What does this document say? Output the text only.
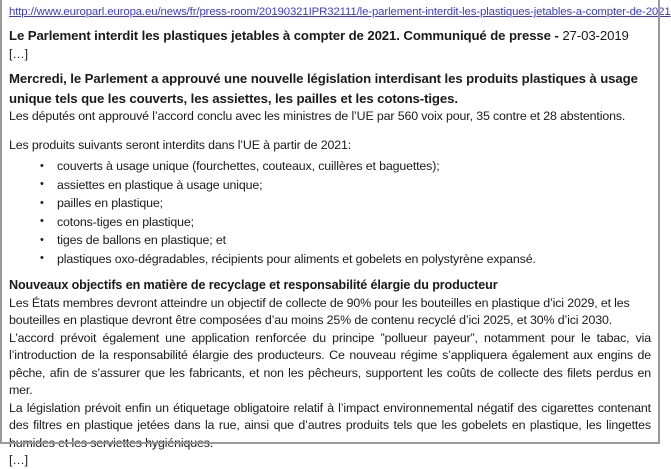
http://www.europarl.europa.eu/news/fr/press-room/20190321IPR32111/le-parlement-interdit-les-plastiques-jetables-a-compter-de-2021
Le Parlement interdit les plastiques jetables à compter de 2021. Communiqué de presse - 27-03-2019
[…]
Mercredi, le Parlement a approuvé une nouvelle législation interdisant les produits plastiques à usage unique tels que les couverts, les assiettes, les pailles et les cotons-tiges.
Les députés ont approuvé l’accord conclu avec les ministres de l’UE par 560 voix pour, 35 contre et 28 abstentions.
Les produits suivants seront interdits dans l’UE à partir de 2021:
• couverts à usage unique (fourchettes, couteaux, cuillères et baguettes);
• assiettes en plastique à usage unique;
• pailles en plastique;
• cotons-tiges en plastique;
• tiges de ballons en plastique; et
• plastiques oxo-dégradables, récipients pour aliments et gobelets en polystyrène expansé.
Nouveaux objectifs en matière de recyclage et responsabilité élargie du producteur
Les États membres devront atteindre un objectif de collecte de 90% pour les bouteilles en plastique d’ici 2029, et les bouteilles en plastique devront être composées d’au moins 25% de contenu recyclé d’ici 2025, et 30% d’ici 2030.
L’accord prévoit également une application renforcée du principe ”pollueur payeur”, notamment pour le tabac, via l’introduction de la responsabilité élargie des producteurs. Ce nouveau régime s’appliquera également aux engins de pêche, afin de s’assurer que les fabricants, et non les pêcheurs, supportent les coûts de collecte des filets perdus en mer.
La législation prévoit enfin un étiquetage obligatoire relatif à l’impact environnemental négatif des cigarettes contenant des filtres en plastique jetées dans la rue, ainsi que d’autres produits tels que les gobelets en plastique, les lingettes humides et les serviettes hygiéniques.
[…]
